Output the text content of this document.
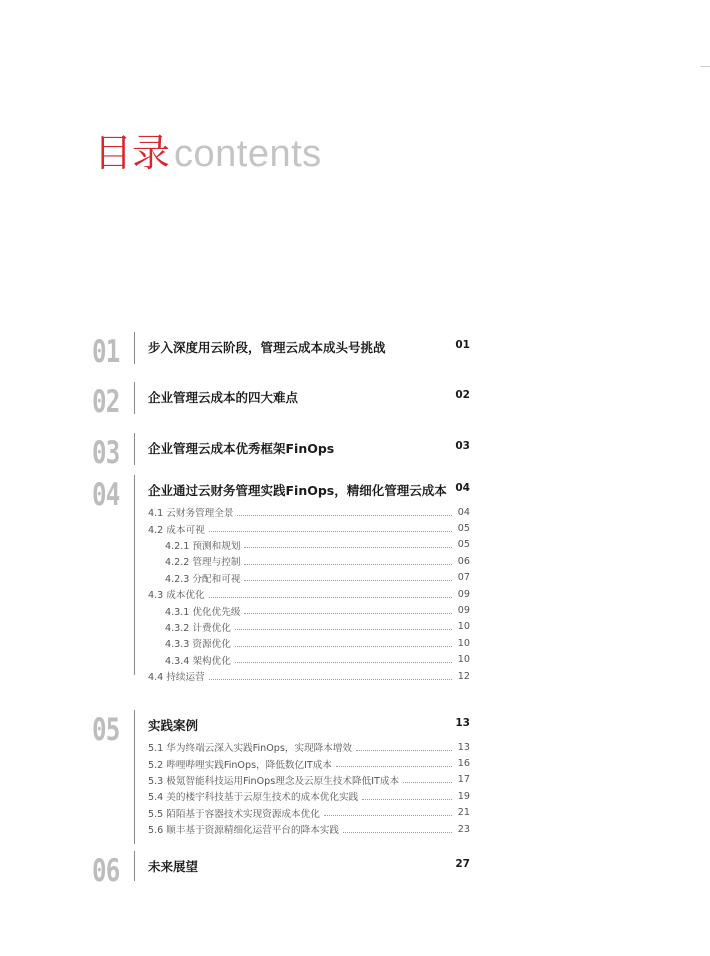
目录 contents
01 步入深度用云阶段，管理云成本成头号挑战	01
02 企业管理云成本的四大难点	02
03 企业管理云成本优秀框架FinOps	03
04 企业通过云财务管理实践FinOps，精细化管理云成本 04
4.1 云财务管理全景	04
4.2 成本可视	05
4.2.1 预测和规划	05
4.2.2 管理与控制	06
4.2.3 分配和可视	07
4.3 成本优化	09
4.3.1 优化优先级	09
4.3.2 计费优化	10
4.3.3 资源优化	10
4.3.4 架构优化	10
4.4 持续运营	12
05 实践案例	13
5.1 华为终端云深入实践FinOps，实现降本增效	13
5.2 哔哩哔哩实践FinOps，降低数亿IT成本	16
5.3 极氪智能科技运用FinOps理念及云原生技术降低IT成本	17
5.4 美的楼宇科技基于云原生技术的成本优化实践	19
5.5 陌陌基于容器技术实现资源成本优化	21
5.6 顺丰基于资源精细化运营平台的降本实践	23
06 未来展望	27
